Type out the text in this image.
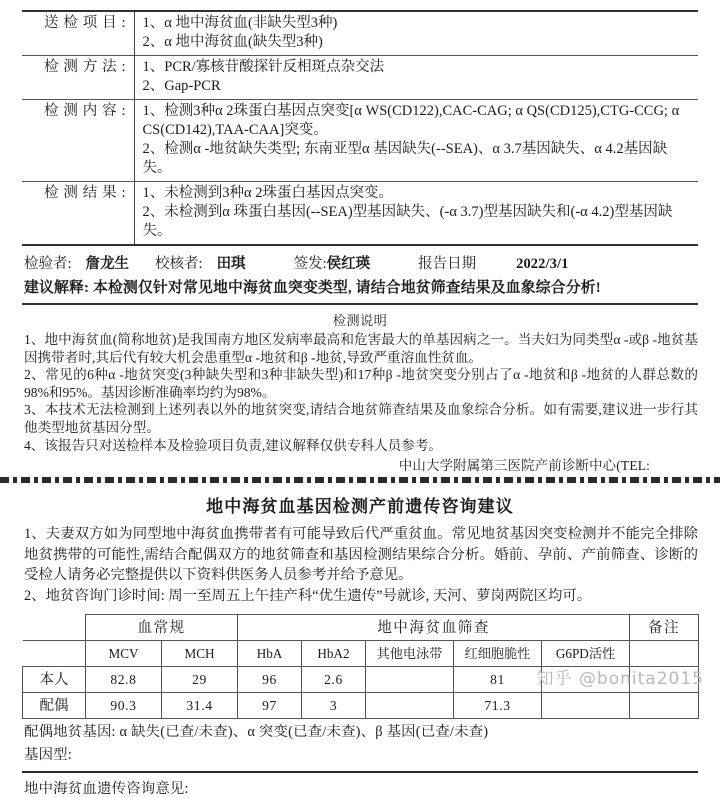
送检项目:	1、α 地中海贫血(非缺失型3种)
2、α 地中海贫血(缺失型3种)

检测方法:	1、PCR/寡核苷酸探针反相斑点杂交法
2、Gap-PCR

检测内容:	1、检测3种α 2珠蛋白基因点突变[α WS(CD122),CAC-CAG; α QS(CD125),CTG-CCG; α CS(CD142),TAA-CAA]突变。
2、检测α -地贫缺失类型; 东南亚型α 基因缺失(--SEA)、α 3.7基因缺失、α 4.2基因缺失。

检测结果:	1、未检测到3种α 2珠蛋白基因点突变。
2、未检测到α 珠蛋白基因(--SEA)型基因缺失、(-α 3.7)型基因缺失和(-α 4.2)型基因缺失。
检验者: 詹龙生 校核者: 田琪	签发: 侯红瑛	报告日期	2022/3/1
建议解释: 本检测仅针对常见地中海贫血突变类型, 请结合地贫筛查结果及血象综合分析!
检测说明

1、地中海贫血(简称地贫)是我国南方地区发病率最高和危害最大的单基因病之一。当夫妇为同类型α -或β -地贫基因携带者时,其后代有较大机会患重型α -地贫和β -地贫,导致严重溶血性贫血。

2、常见的6种α -地贫突变(3种缺失型和3种非缺失型)和17种β -地贫突变分别占了α -地贫和β -地贫的人群总数的98%和95%。基因诊断准确率均约为98%。

3、本技术无法检测到上述列表以外的地贫突变,请结合地贫筛查结果及血象综合分析。如有需要,建议进一步行其他类型地贫基因分型。

4、该报告只对送检样本及检验项目负责,建议解释仅供专科人员参考。

中山大学附属第三医院产前诊断中心(TEL:
地中海贫血基因检测产前遗传咨询建议

1、夫妻双方如为同型地中海贫血携带者有可能导致后代严重贫血。常见地贫基因突变检测并不能完全排除地贫携带的可能性,需结合配偶双方的地贫筛查和基因检测结果综合分析。婚前、孕前、产前筛查、诊断的受检人请务必完整提供以下资料供医务人员参考并给予意见。

2、地贫咨询门诊时间: 周一至周五上午挂产科“优生遗传”号就诊, 天河、萝岗两院区均可。

	血常规		地中海贫血筛查					备注
	MCV	MCH	HbA	HbA2	其他电泳带	红细胞脆性	G6PD活性	
本人	82.8	29	96	2.6		81		
配偶	90.3	31.4	97	3		71.3		
配偶地贫基因: α 缺失(已查/未查)、α 突变(已查/未查)、β 基因(已查/未查)
基因型:
地中海贫血遗传咨询意见:
知乎 @bonita2015
